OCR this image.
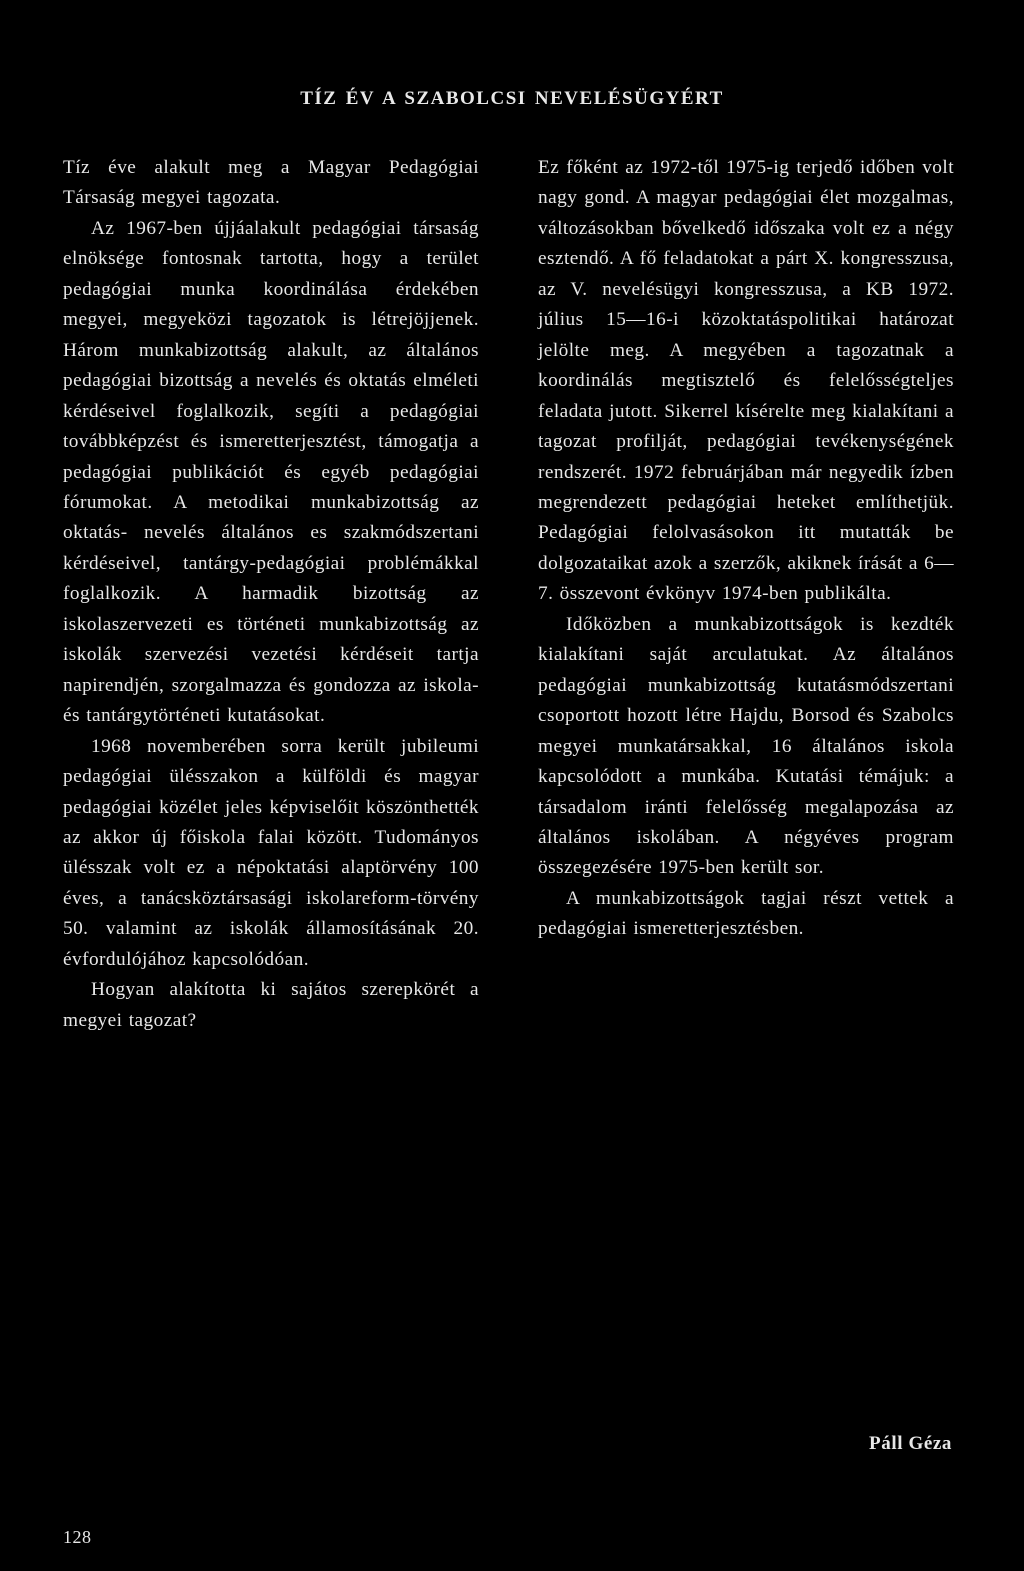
TÍZ ÉV A SZABOLCSI NEVELÉSÜGYÉRT

Tíz éve alakult meg a Magyar Pedagógiai Társaság megyei tagozata.

Az 1967-ben újjáalakult pedagógiai társaság elnöksége fontosnak tartotta, hogy a terület pedagógiai munka koordinálása érdekében megyei, megyeközi tagozatok is létrejöjjenek. Három munkabizottság alakult, az általános pedagógiai bizottság a nevelés és oktatás elméleti kérdéseivel foglalkozik, segíti a pedagógiai továbbképzést és ismeretterjesztést, támogatja a pedagógiai publikációt és egyéb pedagógiai fórumokat. A metodikai munkabizottság az oktatás- nevelés általános es szakmódszertani kérdéseivel, tantárgy-pedagógiai problémákkal foglalkozik. A harmadik bizottság az iskolaszervezeti es történeti munkabizottság az iskolák szervezési vezetési kérdéseit tartja napirendjén, szorgalmazza és gondozza az iskola- és tantárgytörténeti kutatásokat.

1968 novemberében sorra került jubileumi pedagógiai ülésszakon a külföldi és magyar pedagógiai közélet jeles képviselőit köszönthették az akkor új főiskola falai között. Tudományos ülésszak volt ez a népoktatási alaptörvény 100 éves, a tanácsköztársasági iskolareform-törvény 50. valamint az iskolák államosításának 20. évfordulójához kapcsolódóan.

Hogyan alakította ki sajátos szerepkörét a megyei tagozat?

Ez főként az 1972-től 1975-ig terjedő időben volt nagy gond. A magyar pedagógiai élet mozgalmas, változásokban bővelkedő időszaka volt ez a négy esztendő. A fő feladatokat a párt X. kongresszusa, az V. nevelésügyi kongresszusa, a KB 1972. július 15—16-i közoktatáspolitikai határozat jelölte meg. A megyében a tagozatnak a koordinálás megtisztelő és felelősségteljes feladata jutott. Sikerrel kísérelte meg kialakítani a tagozat profilját, pedagógiai tevékenységének rendszerét. 1972 februárjában már negyedik ízben megrendezett pedagógiai heteket említhetjük. Pedagógiai felolvasásokon itt mutatták be dolgozataikat azok a szerzők, akiknek írását a 6—7. összevont évkönyv 1974-ben publikálta.

Időközben a munkabizottságok is kezdték kialakítani saját arculatukat. Az általános pedagógiai munkabizottság kutatásmódszertani csoportott hozott létre Hajdu, Borsod és Szabolcs megyei munkatársakkal, 16 általános iskola kapcsolódott a munkába. Kutatási témájuk: a társadalom iránti felelősség megalapozása az általános iskolában. A négyéves program összegezésére 1975-ben került sor.

A munkabizottságok tagjai részt vettek a pedagógiai ismeretterjesztésben.

Páll Géza
128
